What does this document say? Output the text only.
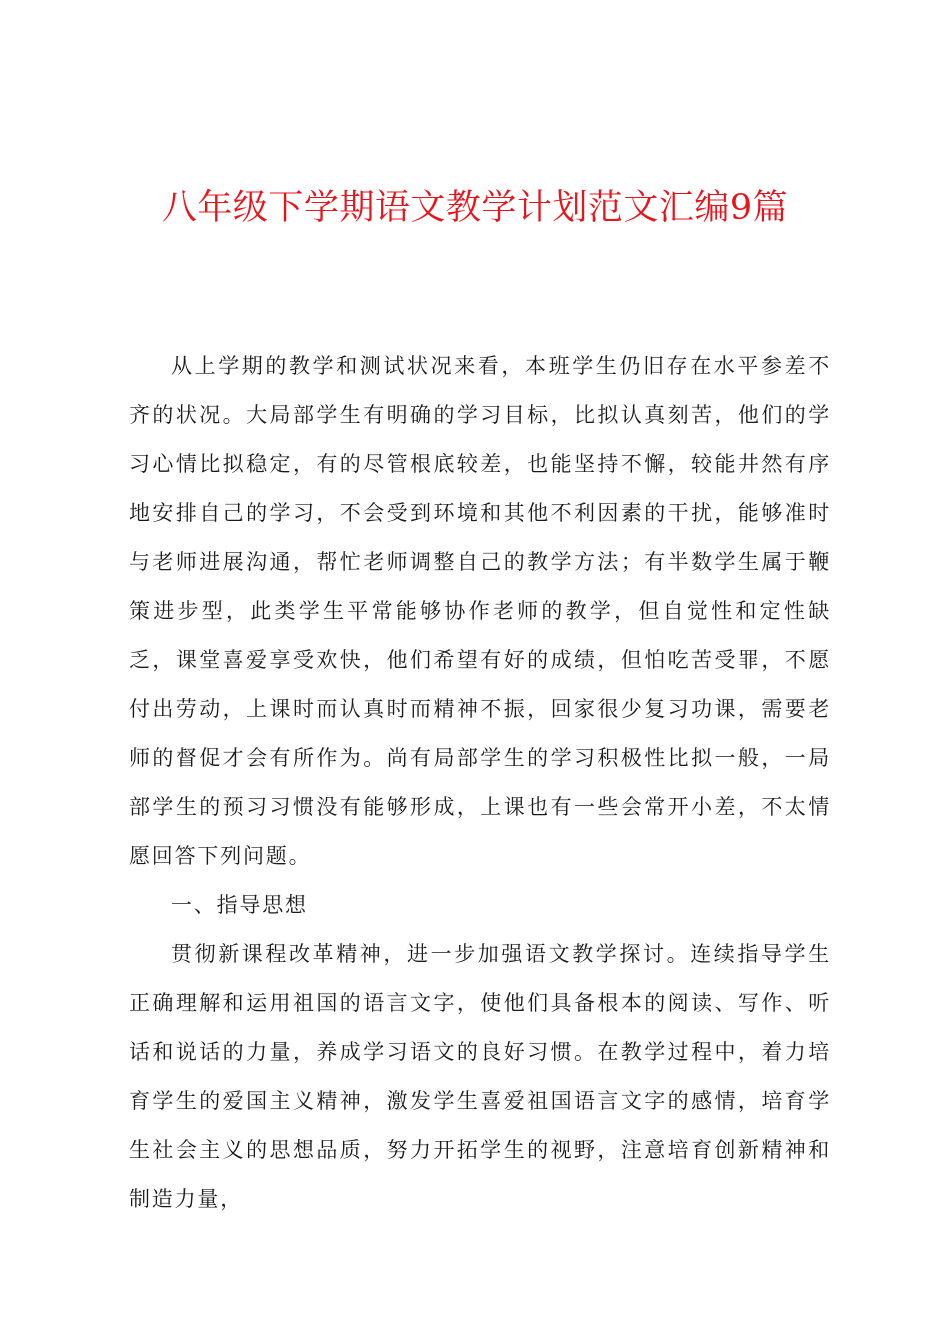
八年级下学期语文教学计划范文汇编9篇

从上学期的教学和测试状况来看，本班学生仍旧存在水平参差不齐的状况。大局部学生有明确的学习目标，比拟认真刻苦，他们的学习心情比拟稳定，有的尽管根底较差，也能坚持不懈，较能井然有序地安排自己的学习，不会受到环境和其他不利因素的干扰，能够准时与老师进展沟通，帮忙老师调整自己的教学方法；有半数学生属于鞭策进步型，此类学生平常能够协作老师的教学，但自觉性和定性缺乏，课堂喜爱享受欢快，他们希望有好的成绩，但怕吃苦受罪，不愿付出劳动，上课时而认真时而精神不振，回家很少复习功课，需要老师的督促才会有所作为。尚有局部学生的学习积极性比拟一般，一局部学生的预习习惯没有能够形成，上课也有一些会常开小差，不太情愿回答下列问题。

一、指导思想

贯彻新课程改革精神，进一步加强语文教学探讨。连续指导学生正确理解和运用祖国的语言文字，使他们具备根本的阅读、写作、听话和说话的力量，养成学习语文的良好习惯。在教学过程中，着力培育学生的爱国主义精神，激发学生喜爱祖国语言文字的感情，培育学生社会主义的思想品质，努力开拓学生的视野，注意培育创新精神和制造力量，
